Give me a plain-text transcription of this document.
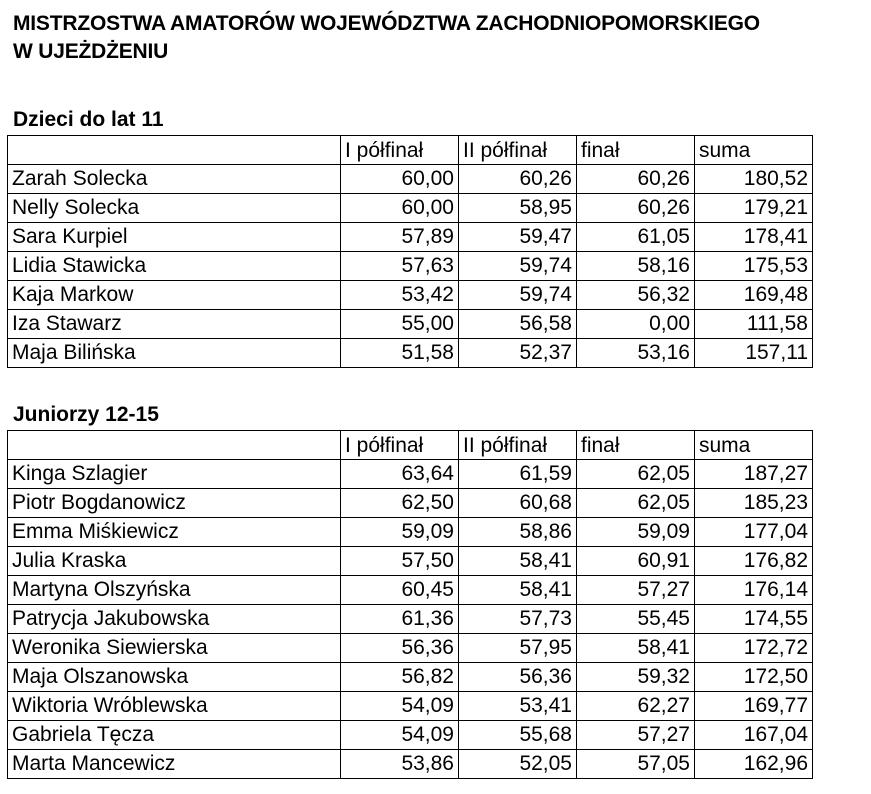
MISTRZOSTWA AMATORÓW WOJEWÓDZTWA ZACHODNIOPOMORSKIEGO
W UJEŻDŻENIU
Dzieci do lat 11
	I półfinał	II półfinał	finał	suma
Zarah Solecka	60,00	60,26	60,26	180,52
Nelly Solecka	60,00	58,95	60,26	179,21
Sara Kurpiel	57,89	59,47	61,05	178,41
Lidia Stawicka	57,63	59,74	58,16	175,53
Kaja Markow	53,42	59,74	56,32	169,48
Iza Stawarz	55,00	56,58	0,00	111,58
Maja Bilińska	51,58	52,37	53,16	157,11
Juniorzy 12-15
	I półfinał	II półfinał	finał	suma
Kinga Szlagier	63,64	61,59	62,05	187,27
Piotr Bogdanowicz	62,50	60,68	62,05	185,23
Emma Miśkiewicz	59,09	58,86	59,09	177,04
Julia Kraska	57,50	58,41	60,91	176,82
Martyna Olszyńska	60,45	58,41	57,27	176,14
Patrycja Jakubowska	61,36	57,73	55,45	174,55
Weronika Siewierska	56,36	57,95	58,41	172,72
Maja Olszanowska	56,82	56,36	59,32	172,50
Wiktoria Wróblewska	54,09	53,41	62,27	169,77
Gabriela Tęcza	54,09	55,68	57,27	167,04
Marta Mancewicz	53,86	52,05	57,05	162,96
